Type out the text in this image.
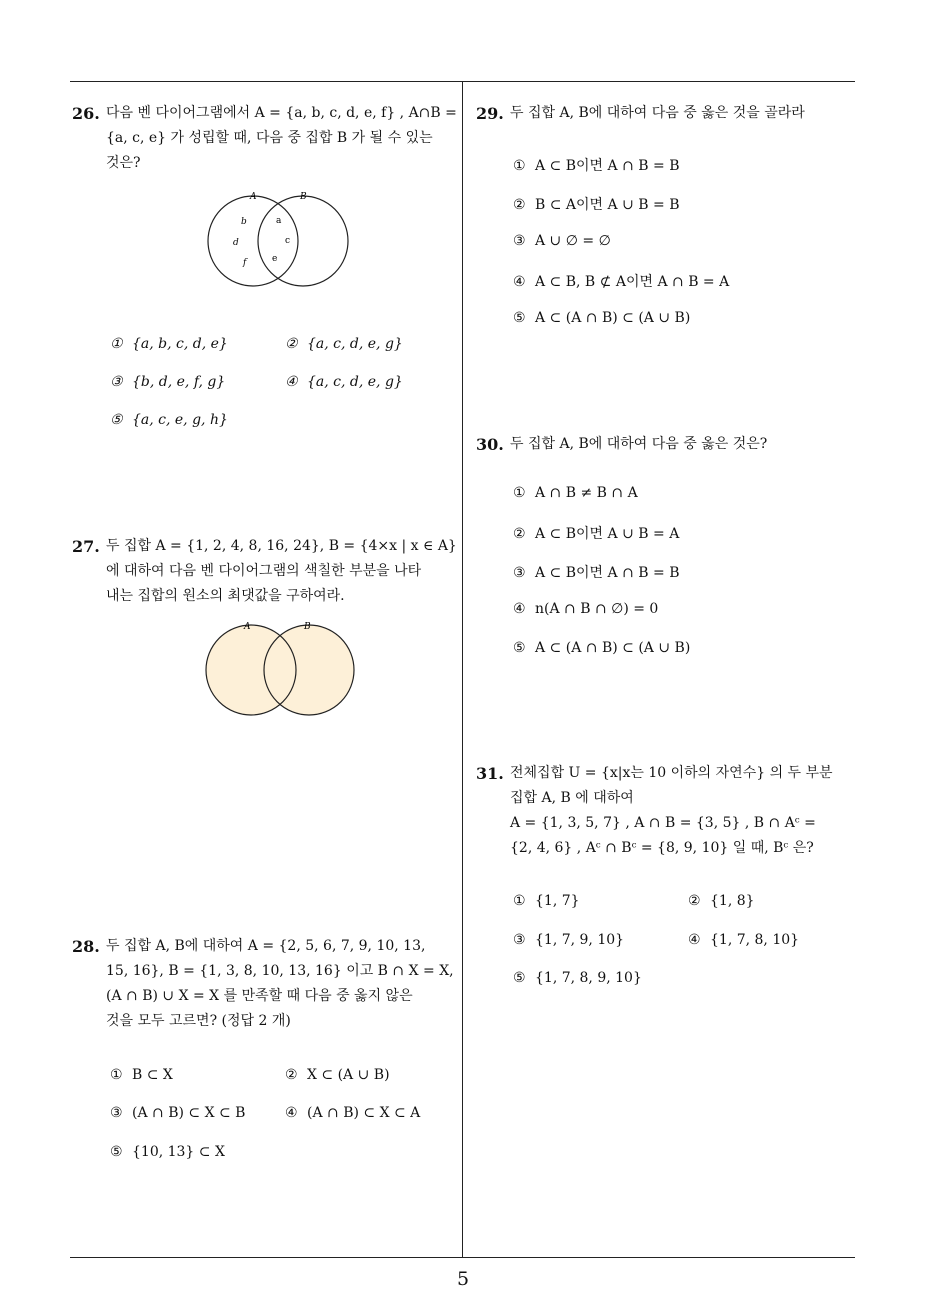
26. 다음 벤 다이어그램에서 A = {a, b, c, d, e, f} , A∩B =
{a, c, e} 가 성립할 때, 다음 중 집합 B 가 될 수 있는
것은?
A	B
b	a
d	c
f	e
① {a, b, c, d, e}	② {a, c, d, e, g}
③ {b, d, e, f, g}	④ {a, c, d, e, g}
⑤ {a, c, e, g, h}
27. 두 집합 A = {1, 2, 4, 8, 16, 24}, B = {4×x | x ∈ A}
에 대하여 다음 벤 다이어그램의 색칠한 부분을 나타
내는 집합의 원소의 최댓값을 구하여라.
A	B
28. 두 집합 A, B에 대하여 A = {2, 5, 6, 7, 9, 10, 13,
15, 16}, B = {1, 3, 8, 10, 13, 16} 이고 B ∩ X = X,
(A ∩ B) ∪ X = X 를 만족할 때 다음 중 옳지 않은
것을 모두 고르면? (정답 2 개)
① B ⊂ X	② X ⊂ (A ∪ B)
③ (A ∩ B) ⊂ X ⊂ B	④ (A ∩ B) ⊂ X ⊂ A
⑤ {10, 13} ⊂ X
29. 두 집합 A, B에 대하여 다음 중 옳은 것을 골라라
① A ⊂ B이면 A ∩ B = B
② B ⊂ A이면 A ∪ B = B
③ A ∪ ∅ = ∅
④ A ⊂ B, B ⊄ A이면 A ∩ B = A
⑤ A ⊂ (A ∩ B) ⊂ (A ∪ B)
30. 두 집합 A, B에 대하여 다음 중 옳은 것은?
① A ∩ B ≠ B ∩ A
② A ⊂ B이면 A ∪ B = A
③ A ⊂ B이면 A ∩ B = B
④ n(A ∩ B ∩ ∅) = 0
⑤ A ⊂ (A ∩ B) ⊂ (A ∪ B)
31. 전체집합 U = {x|x는 10 이하의 자연수} 의 두 부분
집합 A, B 에 대하여
A = {1, 3, 5, 7} , A ∩ B = {3, 5} , B ∩ Aᶜ =
{2, 4, 6} , Aᶜ ∩ Bᶜ = {8, 9, 10} 일 때, Bᶜ 은?
① {1, 7}	② {1, 8}
③ {1, 7, 9, 10}	④ {1, 7, 8, 10}
⑤ {1, 7, 8, 9, 10}
5
